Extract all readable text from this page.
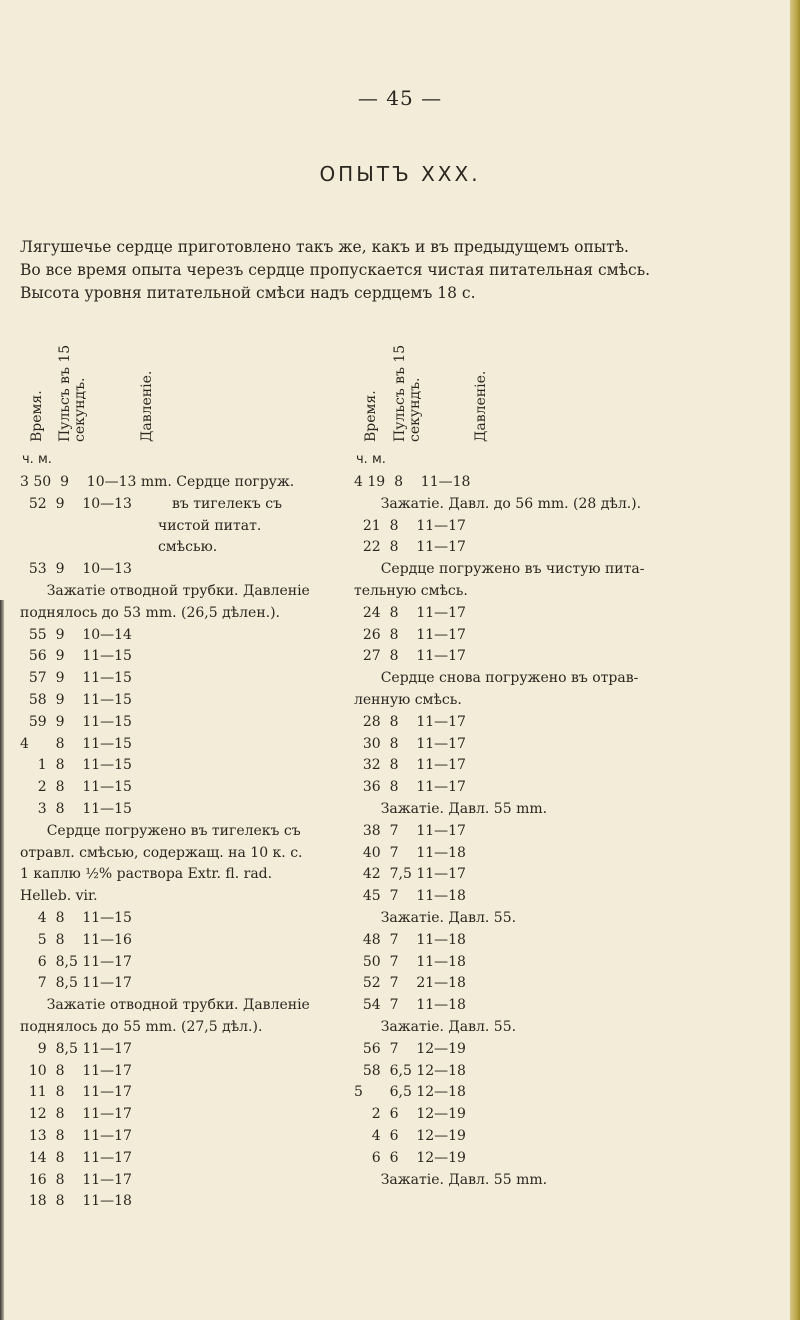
— 45 —
ОПЫТЪ XXX.
Лягушечье сердце приготовлено такъ же, какъ и въ предыдущемъ опытѣ.
Во все время опыта черезъ сердце пропускается чистая питательная смѣсь.
Высота уровня питательной смѣси надъ сердцемъ 18 с.
Время. Пульсъ въ 15
секундъ.	Давленіе.
ч. м.
Время. Пульсъ въ 15
секундъ.	Давленіе.
ч. м.
3 50  9    10—13 mm. Сердце погруж.
52  9    10—13         въ тигелекъ съ
чистой питат.
смѣсью.
53  9    10—13
Зажатіе отводной трубки. Давленіе
поднялось до 53 mm. (26,5 дѣлен.).
55  9    10—14
56  9    11—15
57  9    11—15
58  9    11—15
59  9    11—15
4      8    11—15
1  8    11—15
2  8    11—15
3  8    11—15
Сердце погружено въ тигелекъ съ
отравл. смѣсью, содержащ. на 10 к. с.
1 каплю ½% раствора Extr. fl. rad.
Helleb. vir.
4  8    11—15
5  8    11—16
6  8,5 11—17
7  8,5 11—17
Зажатіе отводной трубки. Давленіе
поднялось до 55 mm. (27,5 дѣл.).
9  8,5 11—17
10  8    11—17
11  8    11—17
12  8    11—17
13  8    11—17
14  8    11—17
16  8    11—17
18  8    11—18
4 19  8    11—18
Зажатіе. Давл. до 56 mm. (28 дѣл.).
21  8    11—17
22  8    11—17
Сердце погружено въ чистую пита-
тельную смѣсь.
24  8    11—17
26  8    11—17
27  8    11—17
Сердце снова погружено въ отрав-
ленную смѣсь.
28  8    11—17
30  8    11—17
32  8    11—17
36  8    11—17
Зажатіе. Давл. 55 mm.
38  7    11—17
40  7    11—18
42  7,5 11—17
45  7    11—18
Зажатіе. Давл. 55.
48  7    11—18
50  7    11—18
52  7    21—18
54  7    11—18
Зажатіе. Давл. 55.
56  7    12—19
58  6,5 12—18
5      6,5 12—18
2  6    12—19
4  6    12—19
6  6    12—19
Зажатіе. Давл. 55 mm.
